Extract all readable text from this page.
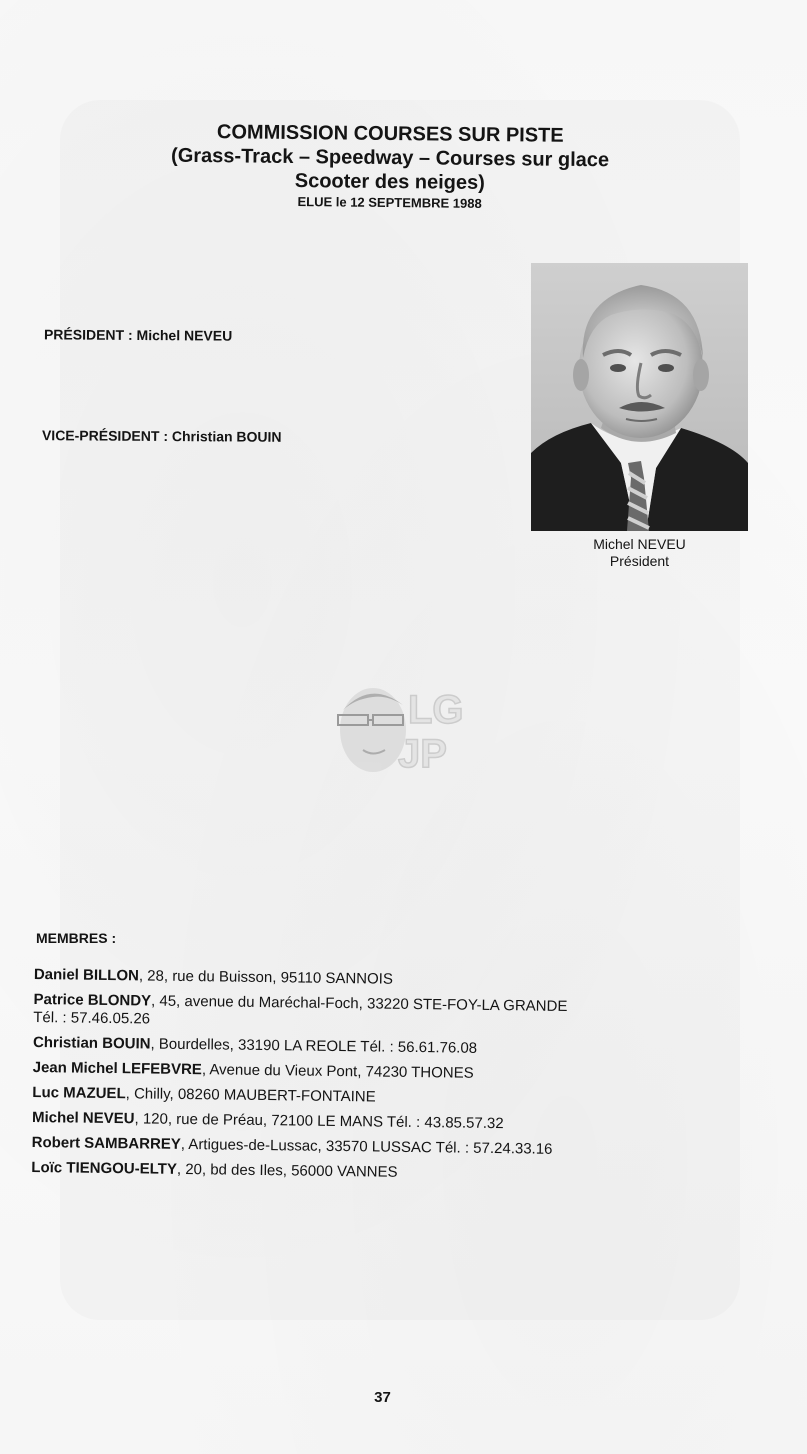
COMMISSION COURSES SUR PISTE
(Grass-Track – Speedway – Courses sur glace
Scooter des neiges)
ELUE le 12 SEPTEMBRE 1988
PRÉSIDENT : Michel NEVEU
VICE-PRÉSIDENT : Christian BOUIN
Michel NEVEU
Président
LG
JP
MEMBRES :
Daniel BILLON, 28, rue du Buisson, 95110 SANNOIS
Patrice BLONDY, 45, avenue du Maréchal-Foch, 33220 STE-FOY-LA GRANDE
Tél. : 57.46.05.26
Christian BOUIN, Bourdelles, 33190 LA REOLE Tél. : 56.61.76.08
Jean Michel LEFEBVRE, Avenue du Vieux Pont, 74230 THONES
Luc MAZUEL, Chilly, 08260 MAUBERT-FONTAINE
Michel NEVEU, 120, rue de Préau, 72100 LE MANS Tél. : 43.85.57.32
Robert SAMBARREY, Artigues-de-Lussac, 33570 LUSSAC Tél. : 57.24.33.16
Loïc TIENGOU-ELTY, 20, bd des Iles, 56000 VANNES
37
